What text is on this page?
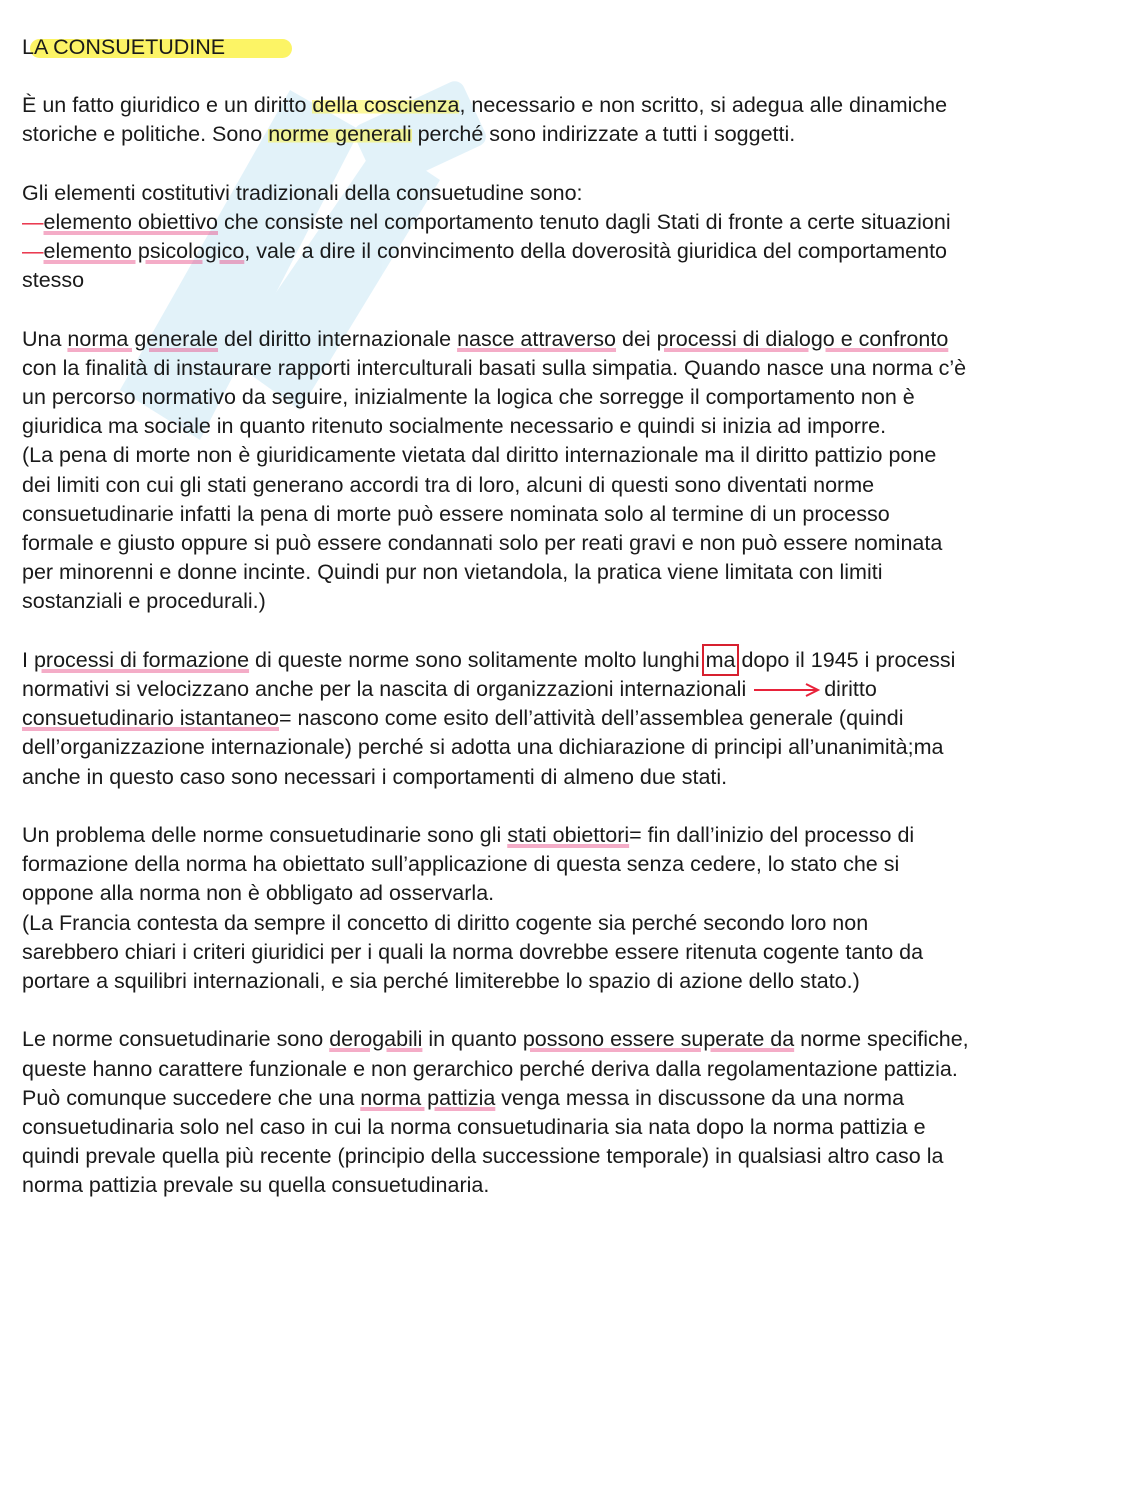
LA CONSUETUDINE

È un fatto giuridico e un diritto della coscienza, necessario e non scritto, si adegua alle dinamiche
storiche e politiche. Sono norme generali perché sono indirizzate a tutti i soggetti.

Gli elementi costitutivi tradizionali della consuetudine sono:
—elemento obiettivo che consiste nel comportamento tenuto dagli Stati di fronte a certe situazioni
—elemento psicologico, vale a dire il convincimento della doverosità giuridica del comportamento
stesso

Una norma generale del diritto internazionale nasce attraverso dei processi di dialogo e confronto
con la finalità di instaurare rapporti interculturali basati sulla simpatia. Quando nasce una norma c’è
un percorso normativo da seguire, inizialmente la logica che sorregge il comportamento non è
giuridica ma sociale in quanto ritenuto socialmente necessario e quindi si inizia ad imporre.
(La pena di morte non è giuridicamente vietata dal diritto internazionale ma il diritto pattizio pone
dei limiti con cui gli stati generano accordi tra di loro, alcuni di questi sono diventati norme
consuetudinarie infatti la pena di morte può essere nominata solo al termine di un processo
formale e giusto oppure si può essere condannati solo per reati gravi e non può essere nominata
per minorenni e donne incinte. Quindi pur non vietandola, la pratica viene limitata con limiti
sostanziali e procedurali.)

I processi di formazione di queste norme sono solitamente molto lunghi ma dopo il 1945 i processi
normativi si velocizzano anche per la nascita di organizzazioni internazionali	diritto
consuetudinario istantaneo= nascono come esito dell’attività dell’assemblea generale (quindi
dell’organizzazione internazionale) perché si adotta una dichiarazione di principi all’unanimità;ma
anche in questo caso sono necessari i comportamenti di almeno due stati.

Un problema delle norme consuetudinarie sono gli stati obiettori= fin dall’inizio del processo di
formazione della norma ha obiettato sull’applicazione di questa senza cedere, lo stato che si
oppone alla norma non è obbligato ad osservarla.
(La Francia contesta da sempre il concetto di diritto cogente sia perché secondo loro non
sarebbero chiari i criteri giuridici per i quali la norma dovrebbe essere ritenuta cogente tanto da
portare a squilibri internazionali, e sia perché limiterebbe lo spazio di azione dello stato.)

Le norme consuetudinarie sono derogabili in quanto possono essere superate da norme specifiche,
queste hanno carattere funzionale e non gerarchico perché deriva dalla regolamentazione pattizia.
Può comunque succedere che una norma pattizia venga messa in discussone da una norma
consuetudinaria solo nel caso in cui la norma consuetudinaria sia nata dopo la norma pattizia e
quindi prevale quella più recente (principio della successione temporale) in qualsiasi altro caso la
norma pattizia prevale su quella consuetudinaria.
